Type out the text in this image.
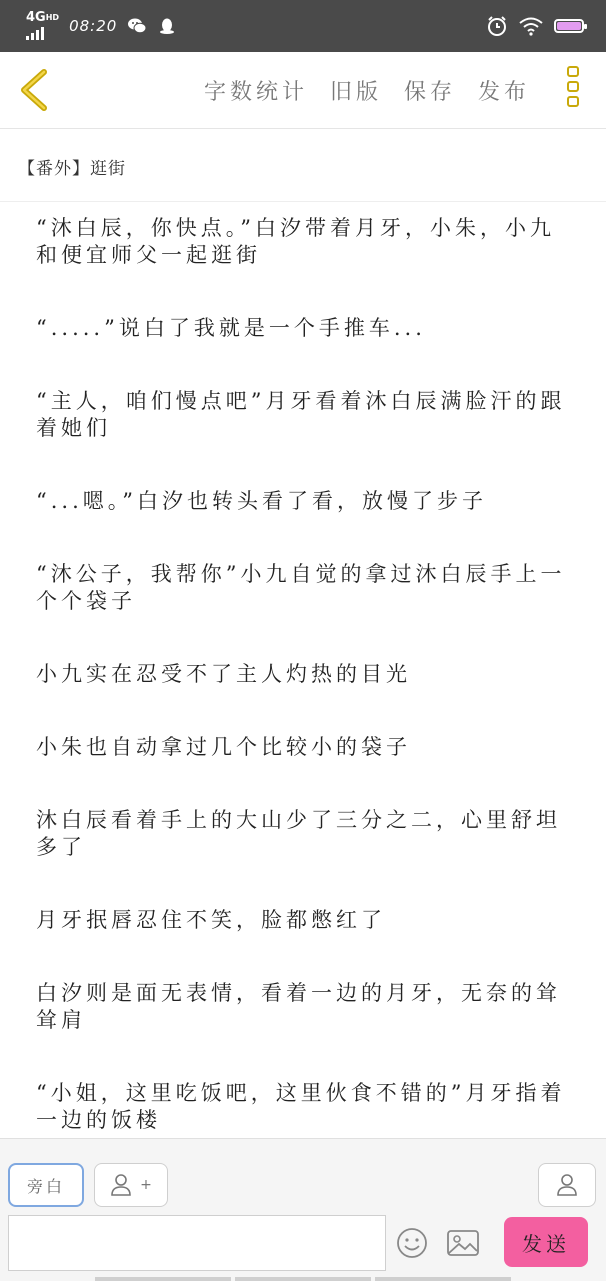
$4G^{HD}$ 08:20
字数统计 旧版 保存 发布
【番外】逛街

“沐白辰，你快点。”白汐带着月牙，小朱，小九和便宜师父一起逛街

“.....”说白了我就是一个手推车...

“主人，咱们慢点吧”月牙看着沐白辰满脸汗的跟着她们

“...嗯。”白汐也转头看了看，放慢了步子

“沐公子，我帮你”小九自觉的拿过沐白辰手上一个个袋子

小九实在忍受不了主人灼热的目光

小朱也自动拿过几个比较小的袋子

沐白辰看着手上的大山少了三分之二，心里舒坦多了

月牙抿唇忍住不笑，脸都憋红了

白汐则是面无表情，看着一边的月牙，无奈的耸耸肩

“小姐，这里吃饭吧，这里伙食不错的”月牙指着一边的饭楼

旁白	+
发送
